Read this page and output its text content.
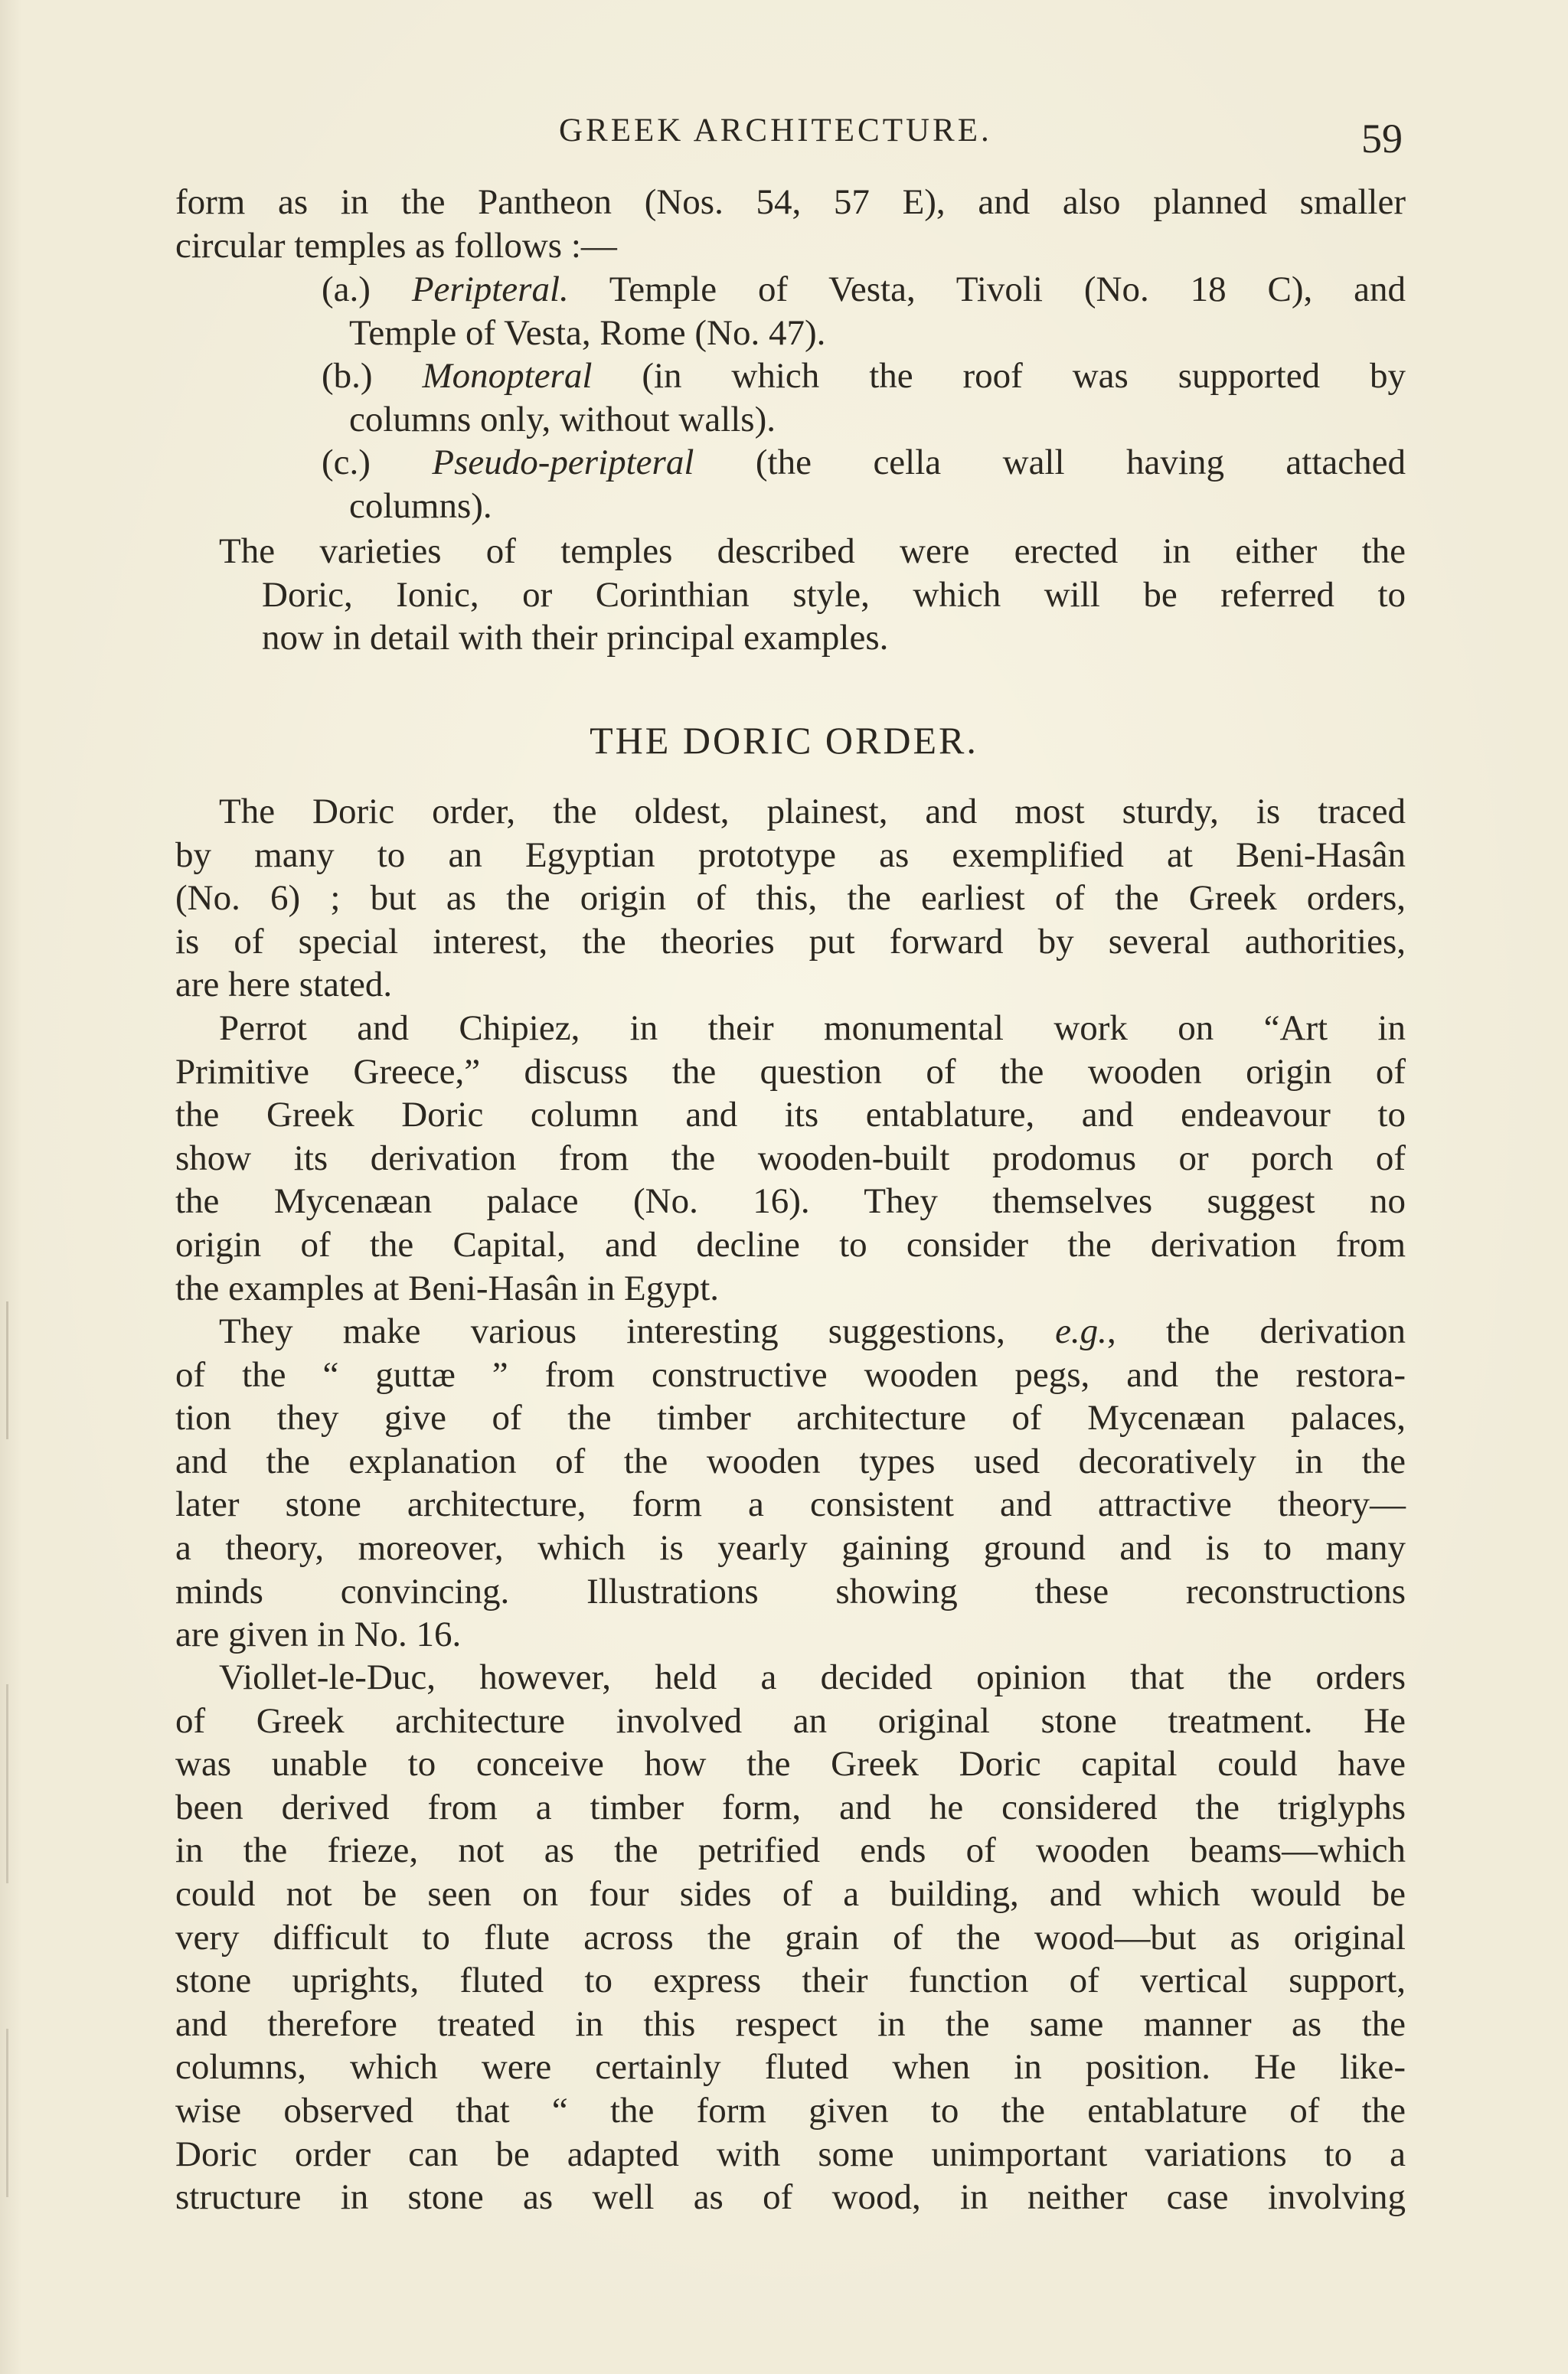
GREEK ARCHITECTURE.	59
form as in the Pantheon (Nos. 54, 57 E), and also planned smaller
circular temples as follows :—
(a.) Peripteral. Temple of Vesta, Tivoli (No. 18 C), and
Temple of Vesta, Rome (No. 47).
(b.) Monopteral (in which the roof was supported by
columns only, without walls).
(c.) Pseudo-peripteral (the cella wall having attached
columns).
The varieties of temples described were erected in either the
Doric, Ionic, or Corinthian style, which will be referred to
now in detail with their principal examples.
THE DORIC ORDER.
The Doric order, the oldest, plainest, and most sturdy, is traced
by many to an Egyptian prototype as exemplified at Beni-Hasân
(No. 6) ; but as the origin of this, the earliest of the Greek orders,
is of special interest, the theories put forward by several authorities,
are here stated.
Perrot and Chipiez, in their monumental work on “Art in
Primitive Greece,” discuss the question of the wooden origin of
the Greek Doric column and its entablature, and endeavour to
show its derivation from the wooden-built prodomus or porch of
the Mycenæan palace (No. 16). They themselves suggest no
origin of the Capital, and decline to consider the derivation from
the examples at Beni-Hasân in Egypt.
They make various interesting suggestions, e.g., the derivation
of the “ guttæ ” from constructive wooden pegs, and the restora-
tion they give of the timber architecture of Mycenæan palaces,
and the explanation of the wooden types used decoratively in the
later stone architecture, form a consistent and attractive theory—
a theory, moreover, which is yearly gaining ground and is to many
minds convincing. Illustrations showing these reconstructions
are given in No. 16.
Viollet-le-Duc, however, held a decided opinion that the orders
of Greek architecture involved an original stone treatment. He
was unable to conceive how the Greek Doric capital could have
been derived from a timber form, and he considered the triglyphs
in the frieze, not as the petrified ends of wooden beams—which
could not be seen on four sides of a building, and which would be
very difficult to flute across the grain of the wood—but as original
stone uprights, fluted to express their function of vertical support,
and therefore treated in this respect in the same manner as the
columns, which were certainly fluted when in position. He like-
wise observed that “ the form given to the entablature of the
Doric order can be adapted with some unimportant variations to a
structure in stone as well as of wood, in neither case involving
